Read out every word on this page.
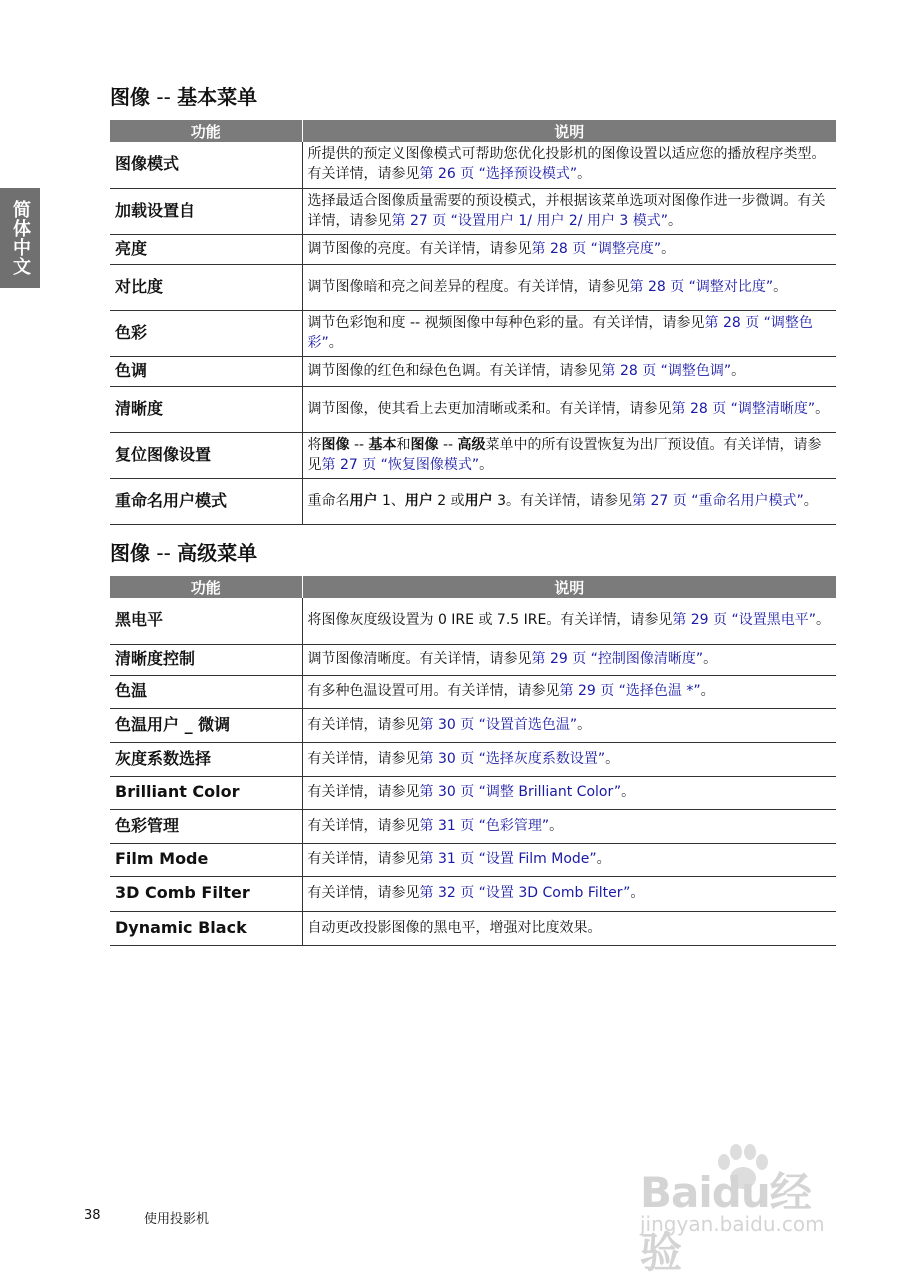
简体中文
图像 -- 基本菜单
功能	说明
图像模式	所提供的预定义图像模式可帮助您优化投影机的图像设置以适应您的播放程序类型。有关详情，请参见第 26 页 “选择预设模式”。
加载设置自	选择最适合图像质量需要的预设模式，并根据该菜单选项对图像作进一步微调。有关详情，请参见第 27 页 “设置用户 1/ 用户 2/ 用户 3 模式”。
亮度	调节图像的亮度。有关详情，请参见第 28 页 “调整亮度”。
对比度	调节图像暗和亮之间差异的程度。有关详情，请参见第 28 页 “调整对比度”。
色彩	调节色彩饱和度 -- 视频图像中每种色彩的量。有关详情，请参见第 28 页 “调整色彩”。
色调	调节图像的红色和绿色色调。有关详情，请参见第 28 页 “调整色调”。
清晰度	调节图像，使其看上去更加清晰或柔和。有关详情，请参见第 28 页 “调整清晰度”。
复位图像设置	将图像 -- 基本和图像 -- 高级菜单中的所有设置恢复为出厂预设值。有关详情，请参见第 27 页 “恢复图像模式”。
重命名用户模式	重命名用户 1、用户 2 或用户 3。有关详情，请参见第 27 页 “重命名用户模式”。
图像 -- 高级菜单
功能	说明
黑电平	将图像灰度级设置为 0 IRE 或 7.5 IRE。有关详情，请参见第 29 页 “设置黑电平”。
清晰度控制	调节图像清晰度。有关详情，请参见第 29 页 “控制图像清晰度”。
色温	有多种色温设置可用。有关详情，请参见第 29 页 “选择色温 *”。
色温用户 _ 微调	有关详情，请参见第 30 页 “设置首选色温”。
灰度系数选择	有关详情，请参见第 30 页 “选择灰度系数设置”。
Brilliant Color	有关详情，请参见第 30 页 “调整 Brilliant Color”。
色彩管理	有关详情，请参见第 31 页 “色彩管理”。
Film Mode	有关详情，请参见第 31 页 “设置 Film Mode”。
3D Comb Filter	有关详情，请参见第 32 页 “设置 3D Comb Filter”。
Dynamic Black	自动更改投影图像的黑电平，增强对比度效果。
38	使用投影机
Baidu经验
jingyan.baidu.com
